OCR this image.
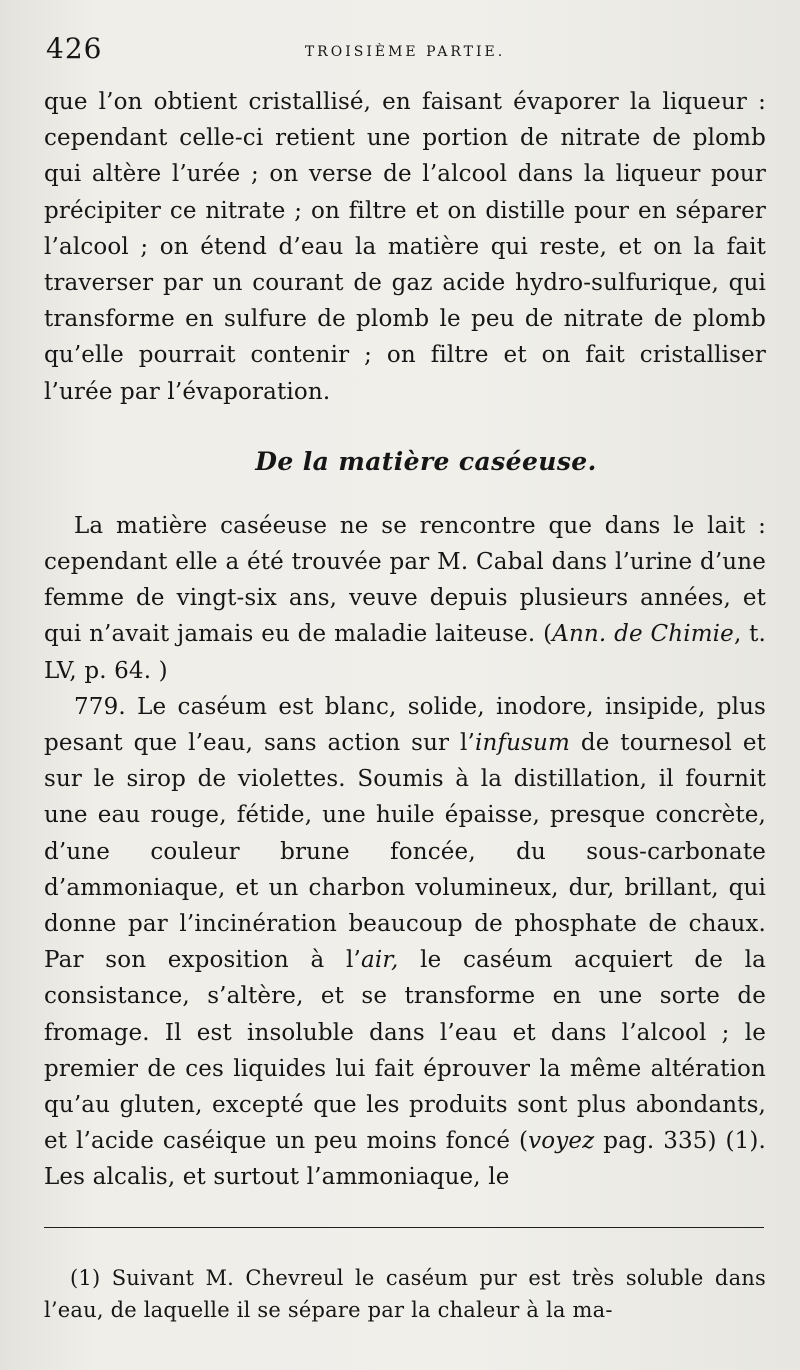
426	TROISIÈME PARTIE.

que l’on obtient cristallisé, en faisant évaporer la liqueur : cependant celle-ci retient une portion de nitrate de plomb qui altère l’urée ; on verse de l’alcool dans la liqueur pour précipiter ce nitrate ; on filtre et on distille pour en séparer l’alcool ; on étend d’eau la matière qui reste, et on la fait traverser par un courant de gaz acide hydro-sulfurique, qui transforme en sulfure de plomb le peu de nitrate de plomb qu’elle pourrait contenir ; on filtre et on fait cristalliser l’urée par l’évaporation.

De la matière caséeuse.

La matière caséeuse ne se rencontre que dans le lait : cependant elle a été trouvée par M. Cabal dans l’urine d’une femme de vingt-six ans, veuve depuis plusieurs années, et qui n’avait jamais eu de maladie laiteuse. (Ann. de Chimie, t. LV, p. 64. )

779. Le caséum est blanc, solide, inodore, insipide, plus pesant que l’eau, sans action sur l’infusum de tournesol et sur le sirop de violettes. Soumis à la distillation, il fournit une eau rouge, fétide, une huile épaisse, presque concrète, d’une couleur brune foncée, du sous-carbonate d’ammoniaque, et un charbon volumineux, dur, brillant, qui donne par l’incinération beaucoup de phosphate de chaux. Par son exposition à l’air, le caséum acquiert de la consistance, s’altère, et se transforme en une sorte de fromage. Il est insoluble dans l’eau et dans l’alcool ; le premier de ces liquides lui fait éprouver la même altération qu’au gluten, excepté que les produits sont plus abondants, et l’acide caséique un peu moins foncé (voyez pag. 335) (1). Les alcalis, et surtout l’ammoniaque, le

(1) Suivant M. Chevreul le caséum pur est très soluble dans l’eau, de laquelle il se sépare par la chaleur à la ma-
